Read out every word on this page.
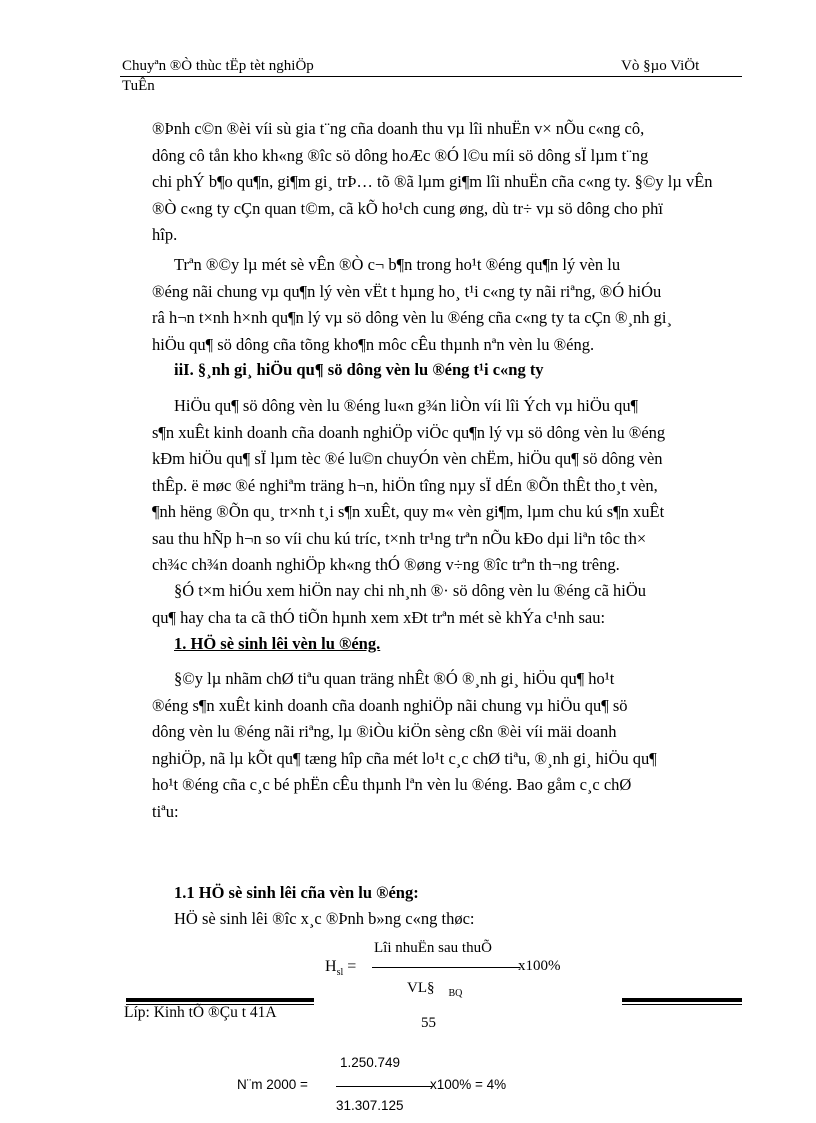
Chuyªn ®Ò thùc tËp tèt nghiÖp	Vò §µo ViÖt
TuÊn
®Þnh c©n ®èi víi sù gia t¨ng cña doanh thu vµ lîi nhuËn v× nÕu c«ng cô,
dông cô tån kho kh«ng ®îc sö dông hoÆc ®Ó l©u míi sö dông sÏ lµm t¨ng
chi phÝ b¶o qu¶n, gi¶m gi¸ trÞ… tõ ®ã lµm gi¶m lîi nhuËn cña c«ng ty. §©y lµ vÊn
®Ò c«ng ty cÇn quan t©m, cã kÕ ho¹ch cung øng, dù tr÷ vµ sö dông cho phï
hîp.
Trªn ®©y lµ mét sè vÊn ®Ò c¬ b¶n trong ho¹t ®éng qu¶n lý vèn lu
®éng nãi chung vµ qu¶n lý vèn vËt t hµng ho¸ t¹i c«ng ty nãi riªng, ®Ó hiÓu
râ h¬n t×nh h×nh qu¶n lý vµ sö dông vèn lu ®éng cña c«ng ty ta cÇn ®¸nh gi¸
hiÖu qu¶ sö dông cña tõng kho¶n môc cÊu thµnh nªn vèn lu ®éng.
iiI. §¸nh gi¸ hiÖu qu¶ sö dông vèn lu ®éng t¹i c«ng ty
HiÖu qu¶ sö dông vèn lu ®éng lu«n g¾n liÒn víi lîi Ých vµ hiÖu qu¶
s¶n xuÊt kinh doanh cña doanh nghiÖp viÖc qu¶n lý vµ sö dông vèn lu ®éng
kÐm hiÖu qu¶ sÏ lµm tèc ®é lu©n chuyÓn vèn chËm, hiÖu qu¶ sö dông vèn
thÊp. ë møc ®é nghiªm träng h¬n, hiÖn tîng nµy sÏ dÉn ®Õn thÊt tho¸t vèn,
¶nh hëng ®Õn qu¸ tr×nh t¸i s¶n xuÊt, quy m« vèn gi¶m, lµm chu kú s¶n xuÊt
sau thu hÑp h¬n so víi chu kú tríc, t×nh tr¹ng trªn nÕu kÐo dµi liªn tôc th×
ch¾c ch¾n doanh nghiÖp kh«ng thÓ ®øng v÷ng ®îc trªn th¬ng trêng.
§Ó t×m hiÓu xem hiÖn nay chi nh¸nh ®· sö dông vèn lu ®éng cã hiÖu
qu¶ hay cha ta cã thÓ tiÕn hµnh xem xÐt trªn mét sè khÝa c¹nh sau:
1. HÖ sè sinh lêi vèn lu ®éng.
§©y lµ nhãm chØ tiªu quan träng nhÊt ®Ó ®¸nh gi¸ hiÖu qu¶ ho¹t
®éng s¶n xuÊt kinh doanh cña doanh nghiÖp nãi chung vµ hiÖu qu¶ sö
dông vèn lu ®éng nãi riªng, lµ ®iÒu kiÖn sèng cßn ®èi víi mäi doanh
nghiÖp, nã lµ kÕt qu¶ tæng hîp cña mét lo¹t c¸c chØ tiªu, ®¸nh gi¸ hiÖu qu¶
ho¹t ®éng cña c¸c bé phËn cÊu thµnh lªn vèn lu ®éng. Bao gåm c¸c chØ
tiªu:
1.1 HÖ sè sinh lêi cña vèn lu ®éng:
HÖ sè sinh lêi ®îc x¸c ®Þnh b»ng c«ng thøc:
$H_{sl}$ =
Lîi nhuËn sau thuÕ
x100%
VL§ $_{BQ}$
Líp: Kinh tÕ ®Çu t 41A
55
1.250.749
N¨m 2000 =	x100% = 4%
31.307.125
